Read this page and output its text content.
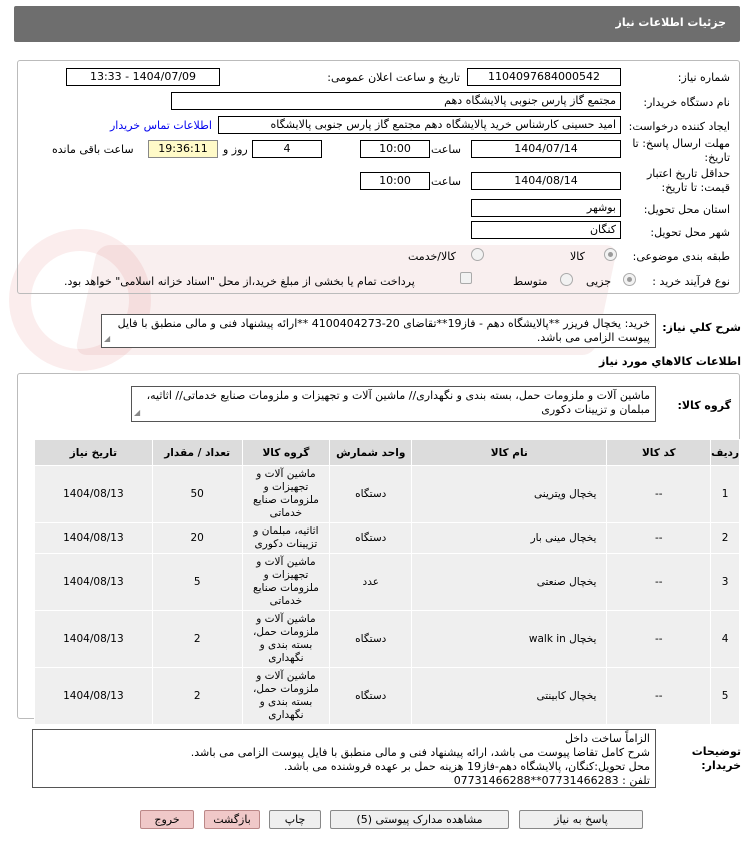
جزئیات اطلاعات نیاز
شماره نیاز:
1104097684000542
تاریخ و ساعت اعلان عمومی:
1404/07/09 - 13:33
نام دستگاه خریدار:
مجتمع گاز پارس جنوبی پالایشگاه دهم
ایجاد کننده درخواست:
امید حسینی کارشناس خرید پالایشگاه دهم مجتمع گاز پارس جنوبی پالایشگاه
اطلاعات تماس خریدار
مهلت ارسال پاسخ: تا
تاریخ:
1404/07/14
ساعت
10:00
4
روز و
19:36:11
ساعت باقی مانده
حداقل تاریخ اعتبار
قیمت: تا تاریخ:
1404/08/14
ساعت
10:00
استان محل تحویل:
بوشهر
شهر محل تحویل:
کنگان
طبقه بندی موضوعی:
کالا
کالا/خدمت
نوع فرآیند خرید :
جزیی
متوسط
پرداخت تمام یا بخشی از مبلغ خرید،از محل "اسناد خزانه اسلامی" خواهد بود.
شرح کلي نياز:
خرید: یخچال فریزر **پالایشگاه دهم - فاز19**تقاضای 20-4100404273 **ارائه پیشنهاد فنی و مالی منطبق با فایل پیوست الزامی می باشد.
◢
اطلاعات کالاهاي مورد نياز
گروه کالا:
ماشین آلات و ملزومات حمل، بسته بندی و نگهداری// ماشین آلات و تجهیزات و ملزومات صنایع خدماتی// اثاثیه، مبلمان و تزیینات دکوری
◢
ردیف	کد کالا	نام کالا	واحد شمارش	گروه کالا	تعداد / مقدار	تاریخ نیاز
1	--	یخچال ویترینی	دستگاه	ماشین آلات و تجهیزات و ملزومات صنایع خدماتی	50	1404/08/13
2	--	یخچال مینی بار	دستگاه	اثاثیه، مبلمان و تزیینات دکوری	20	1404/08/13
3	--	یخچال صنعتی	عدد	ماشین آلات و تجهیزات و ملزومات صنایع خدماتی	5	1404/08/13
4	--	یخچال walk in	دستگاه	ماشین آلات و ملزومات حمل، بسته بندی و نگهداری	2	1404/08/13
5	--	یخچال کابینتی	دستگاه	ماشین آلات و ملزومات حمل، بسته بندی و نگهداری	2	1404/08/13
توضیحات
خریدار:
الزاماً ساخت داخل
شرح کامل تقاضا پیوست می باشد، ارائه پیشنهاد فنی و مالی منطبق با فایل پیوست الزامی می باشد.
محل تحویل:کنگان، پالایشگاه دهم-فاز19 هزینه حمل بر عهده فروشنده می باشد.
تلفن : 07731466283**07731466288
پاسخ به نیاز
مشاهده مدارک پیوستی (5)
چاپ
بازگشت
خروج
